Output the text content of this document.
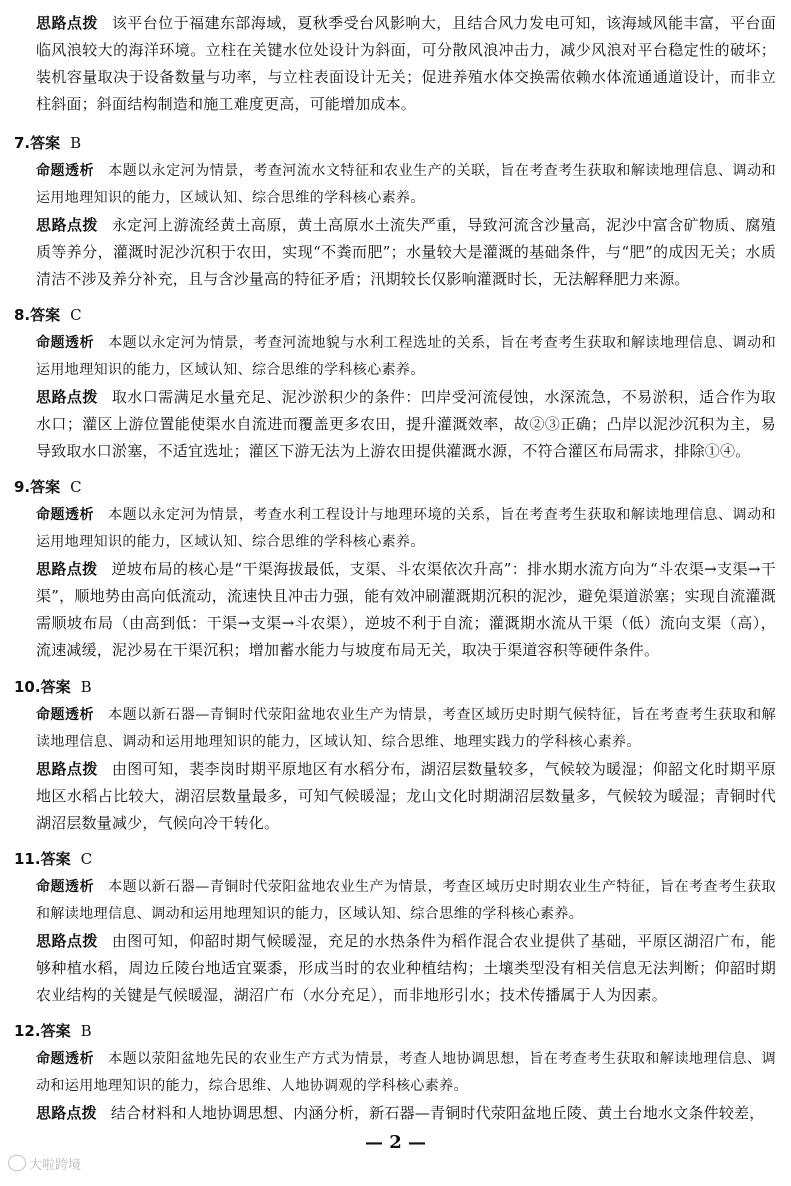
思路点拨 该平台位于福建东部海域，夏秋季受台风影响大，且结合风力发电可知，该海域风能丰富，平台面临风浪较大的海洋环境。立柱在关键水位处设计为斜面，可分散风浪冲击力，减少风浪对平台稳定性的破坏；装机容量取决于设备数量与功率，与立柱表面设计无关；促进养殖水体交换需依赖水体流通通道设计，而非立柱斜面；斜面结构制造和施工难度更高，可能增加成本。

7.答案 B

命题透析 本题以永定河为情景，考查河流水文特征和农业生产的关联，旨在考查考生获取和解读地理信息、调动和运用地理知识的能力，区域认知、综合思维的学科核心素养。

思路点拨 永定河上游流经黄土高原，黄土高原水土流失严重，导致河流含沙量高，泥沙中富含矿物质、腐殖质等养分，灌溉时泥沙沉积于农田，实现“不粪而肥”；水量较大是灌溉的基础条件，与“肥”的成因无关；水质清洁不涉及养分补充，且与含沙量高的特征矛盾；汛期较长仅影响灌溉时长，无法解释肥力来源。

8.答案 C

命题透析 本题以永定河为情景，考查河流地貌与水利工程选址的关系，旨在考查考生获取和解读地理信息、调动和运用地理知识的能力，区域认知、综合思维的学科核心素养。

思路点拨 取水口需满足水量充足、泥沙淤积少的条件：凹岸受河流侵蚀，水深流急，不易淤积，适合作为取水口；灌区上游位置能使渠水自流进而覆盖更多农田，提升灌溉效率，故②③正确；凸岸以泥沙沉积为主，易导致取水口淤塞，不适宜选址；灌区下游无法为上游农田提供灌溉水源，不符合灌区布局需求，排除①④。

9.答案 C

命题透析 本题以永定河为情景，考查水利工程设计与地理环境的关系，旨在考查考生获取和解读地理信息、调动和运用地理知识的能力，区域认知、综合思维的学科核心素养。

思路点拨 逆坡布局的核心是“干渠海拔最低，支渠、斗农渠依次升高”：排水期水流方向为“斗农渠→支渠→干渠”，顺地势由高向低流动，流速快且冲击力强，能有效冲刷灌溉期沉积的泥沙，避免渠道淤塞；实现自流灌溉需顺坡布局（由高到低：干渠→支渠→斗农渠），逆坡不利于自流；灌溉期水流从干渠（低）流向支渠（高），流速减缓，泥沙易在干渠沉积；增加蓄水能力与坡度布局无关，取决于渠道容积等硬件条件。

10.答案 B

命题透析 本题以新石器—青铜时代荥阳盆地农业生产为情景，考查区域历史时期气候特征，旨在考查考生获取和解读地理信息、调动和运用地理知识的能力，区域认知、综合思维、地理实践力的学科核心素养。

思路点拨 由图可知，裴李岗时期平原地区有水稻分布，湖沼层数量较多，气候较为暖湿；仰韶文化时期平原地区水稻占比较大，湖沼层数量最多，可知气候暖湿；龙山文化时期湖沼层数量多，气候较为暖湿；青铜时代湖沼层数量减少，气候向冷干转化。

11.答案 C

命题透析 本题以新石器—青铜时代荥阳盆地农业生产为情景，考查区域历史时期农业生产特征，旨在考查考生获取和解读地理信息、调动和运用地理知识的能力，区域认知、综合思维的学科核心素养。

思路点拨 由图可知，仰韶时期气候暖湿，充足的水热条件为稻作混合农业提供了基础，平原区湖沼广布，能够种植水稻，周边丘陵台地适宜粟黍，形成当时的农业种植结构；土壤类型没有相关信息无法判断；仰韶时期农业结构的关键是气候暖湿，湖沼广布（水分充足），而非地形引水；技术传播属于人为因素。

12.答案 B

命题透析 本题以荥阳盆地先民的农业生产方式为情景，考查人地协调思想，旨在考查考生获取和解读地理信息、调动和运用地理知识的能力，综合思维、人地协调观的学科核心素养。

思路点拨 结合材料和人地协调思想、内涵分析，新石器—青铜时代荥阳盆地丘陵、黄土台地水文条件较差，

— 2 —
大啦跨境
